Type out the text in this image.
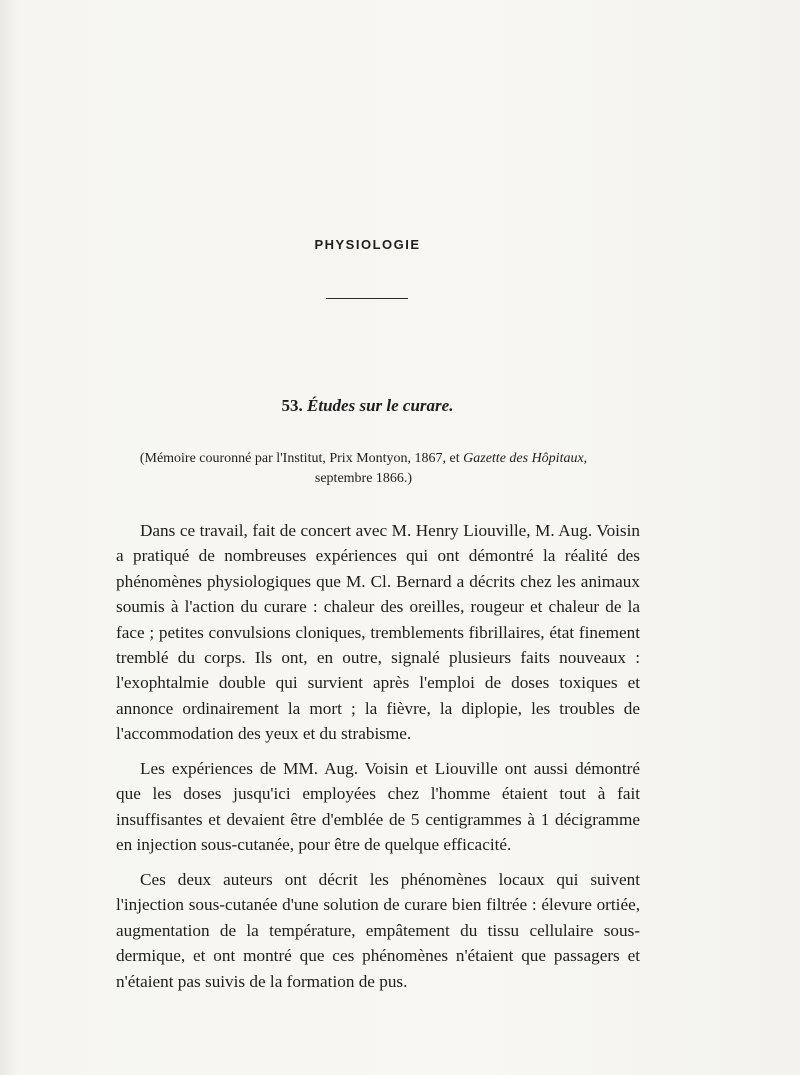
PHYSIOLOGIE
53. Études sur le curare.

(Mémoire couronné par l'Institut, Prix Montyon, 1867, et Gazette des Hôpitaux,
septembre 1866.)

Dans ce travail, fait de concert avec M. Henry Liouville, M. Aug. Voisin a pratiqué de nombreuses expériences qui ont démontré la réalité des phénomènes physiologiques que M. Cl. Bernard a décrits chez les animaux soumis à l'action du curare : chaleur des oreilles, rougeur et chaleur de la face ; petites convulsions cloniques, tremblements fibrillaires, état finement tremblé du corps. Ils ont, en outre, signalé plusieurs faits nouveaux : l'exophtalmie double qui survient après l'emploi de doses toxiques et annonce ordinairement la mort ; la fièvre, la diplopie, les troubles de l'accommodation des yeux et du strabisme.

Les expériences de MM. Aug. Voisin et Liouville ont aussi démontré que les doses jusqu'ici employées chez l'homme étaient tout à fait insuffisantes et devaient être d'emblée de 5 centigrammes à 1 décigramme en injection sous-cutanée, pour être de quelque efficacité.

Ces deux auteurs ont décrit les phénomènes locaux qui suivent l'injection sous-cutanée d'une solution de curare bien filtrée : élevure ortiée, augmentation de la température, empâtement du tissu cellulaire sous-dermique, et ont montré que ces phénomènes n'étaient que passagers et n'étaient pas suivis de la formation de pus.
